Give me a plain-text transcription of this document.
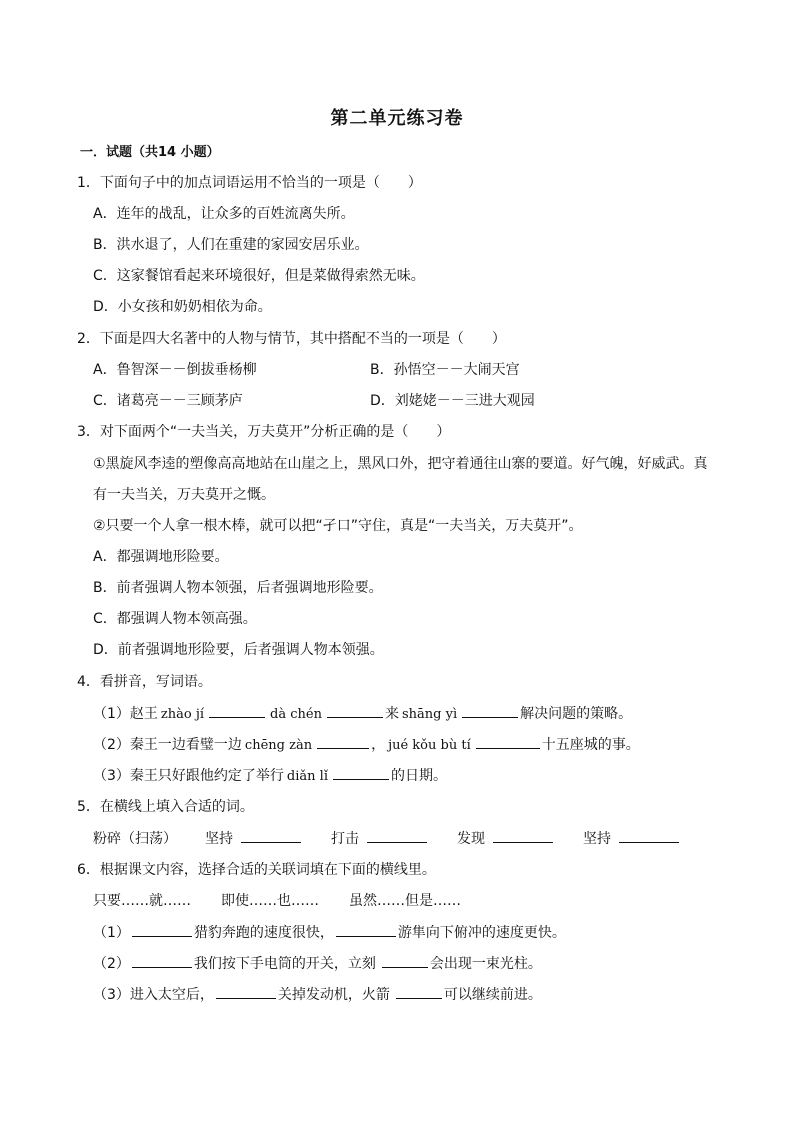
第二单元练习卷
一．试题（共14 小题）
1．下面句子中的加点词语运用不恰当的一项是（　　）
A．连年的战乱，让众多的百姓流离失所。
B．洪水退了，人们在重建的家园安居乐业。
C．这家餐馆看起来环境很好，但是菜做得索然无味。
D．小女孩和奶奶相依为命。
2．下面是四大名著中的人物与情节，其中搭配不当的一项是（　　）
A．鲁智深－－倒拔垂杨柳	B．孙悟空－－大闹天宫
C．诸葛亮－－三顾茅庐	D．刘姥姥－－三进大观园
3．对下面两个“一夫当关，万夫莫开”分析正确的是（　　）
①黑旋风李逵的塑像高高地站在山崖之上，黑风口外，把守着通往山寨的要道。好气魄，好威武。真
有一夫当关，万夫莫开之慨。
②只要一个人拿一根木棒，就可以把“孑口”守住，真是“一夫当关，万夫莫开”。
A．都强调地形险要。
B．前者强调人物本领强，后者强调地形险要。
C．都强调人物本领高强。
D．前者强调地形险要，后者强调人物本领强。
4．看拼音，写词语。
（1）赵王 zhào jí	dà chén	来 shāng yì	解决问题的策略。
（2）秦王一边看璧一边 chēng zàn	， jué kǒu bù tí	十五座城的事。
（3）秦王只好跟他约定了举行 diǎn lǐ	的日期。
5．在横线上填入合适的词。
粉碎（扫荡） 坚持	打击	发现	坚持
6．根据课文内容，选择合适的关联词填在下面的横线里。
只要……就…… 即使……也…… 虽然……但是……
（1）	猎豹奔跑的速度很快，	游隼向下俯冲的速度更快。
（2）	我们按下手电筒的开关，立刻	会出现一束光柱。
（3）进入太空后，	关掉发动机，火箭	可以继续前进。
